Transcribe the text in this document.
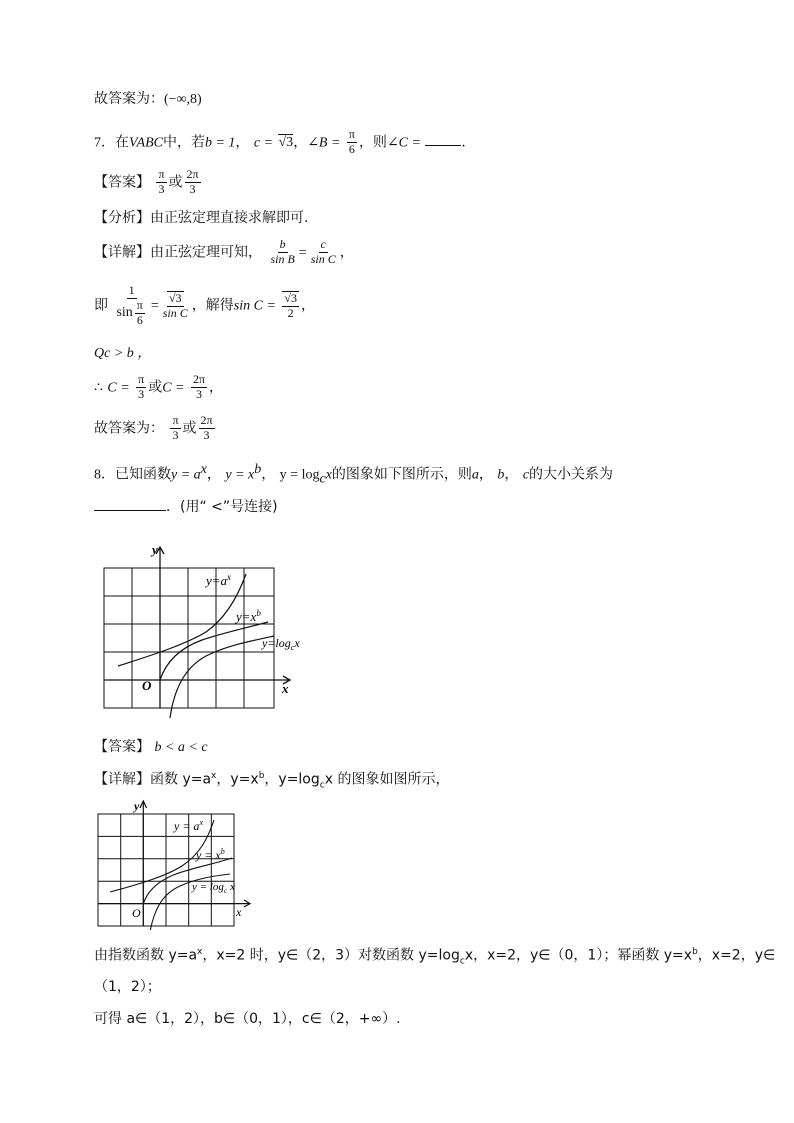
故答案为：(−∞,8)
7．在VABC中，若b = 1， c = √3，∠B = $\frac{\pi}{6}$ ，则∠C =	．
【答案】 $\frac{\pi}{3}$ 或 $\frac{2\pi}{3}$
【分析】由正弦定理直接求解即可.
【详解】由正弦定理可知， $\frac{b}{\text{sin B}} = \frac{c}{\text{sin C}}$ ，
即 $\frac{1}{\sin \frac{\pi}{6}} = \frac{√3}{\text{sin C}}$ ，解得$\sin C = \frac{√3}{2}$ ，
Qc > b ，
∴ $C = \frac{\pi}{3}$ 或$C = \frac{2\pi}{3}$ ，
故答案为： $\frac{\pi}{3}$ 或 $\frac{2\pi}{3}$
8．已知函数$y = a^x$， $y = x^b$， $y = \log_cx$的图象如下图所示，则a， b， c的大小关系为
．(用“ <”号连接)
y
x
O
$y=a^x$
$y=x^b$
$y=\log_cx$
【答案】 b < a < c
【详解】函数 $y=a^x$，$y=x^b$，$y=\log_cx$ 的图象如图所示，
y
x
O
$y = a^x$
$y = x^b$
$y = \log_c x$
由指数函数 $y=a^x$，x=2 时，y∈（2，3）对数函数 $y=\log_cx$，x=2，y∈（0，1）；幂函数 $y=x^b$，x=2，y∈
（1，2）；
可得 a∈（1，2），b∈（0，1），c∈（2，+∞）.
